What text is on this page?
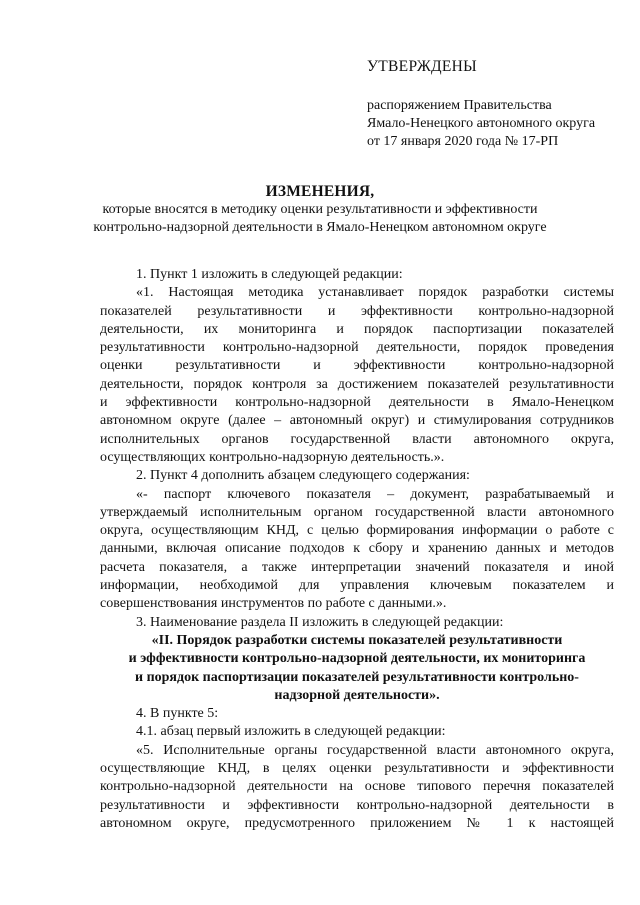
УТВЕРЖДЕНЫ
распоряжением Правительства
Ямало-Ненецкого автономного округа
от 17 января 2020 года № 17-РП
ИЗМЕНЕНИЯ,
которые вносятся в методику оценки результативности и эффективности
контрольно-надзорной деятельности в Ямало-Ненецком автономном округе
1. Пункт 1 изложить в следующей редакции:
«1. Настоящая методика устанавливает порядок разработки системы
показателей результативности и эффективности контрольно-надзорной
деятельности, их мониторинга и порядок паспортизации показателей
результативности контрольно-надзорной деятельности, порядок проведения
оценки результативности и эффективности контрольно-надзорной
деятельности, порядок контроля за достижением показателей результативности
и эффективности контрольно-надзорной деятельности в Ямало-Ненецком
автономном округе (далее – автономный округ) и стимулирования сотрудников
исполнительных органов государственной власти автономного округа,
осуществляющих контрольно-надзорную деятельность.».
2. Пункт 4 дополнить абзацем следующего содержания:
«- паспорт ключевого показателя – документ, разрабатываемый и
утверждаемый исполнительным органом государственной власти автономного
округа, осуществляющим КНД, с целью формирования информации о работе с
данными, включая описание подходов к сбору и хранению данных и методов
расчета показателя, а также интерпретации значений показателя и иной
информации, необходимой для управления ключевым показателем и
совершенствования инструментов по работе с данными.».
3. Наименование раздела II изложить в следующей редакции:
«II. Порядок разработки системы показателей результативности
и эффективности контрольно-надзорной деятельности, их мониторинга
и порядок паспортизации показателей результативности контрольно-
надзорной деятельности».
4. В пункте 5:
4.1. абзац первый изложить в следующей редакции:
«5. Исполнительные органы государственной власти автономного округа,
осуществляющие КНД, в целях оценки результативности и эффективности
контрольно-надзорной деятельности на основе типового перечня показателей
результативности и эффективности контрольно-надзорной деятельности в
автономном округе, предусмотренного приложением № 1 к настоящей
